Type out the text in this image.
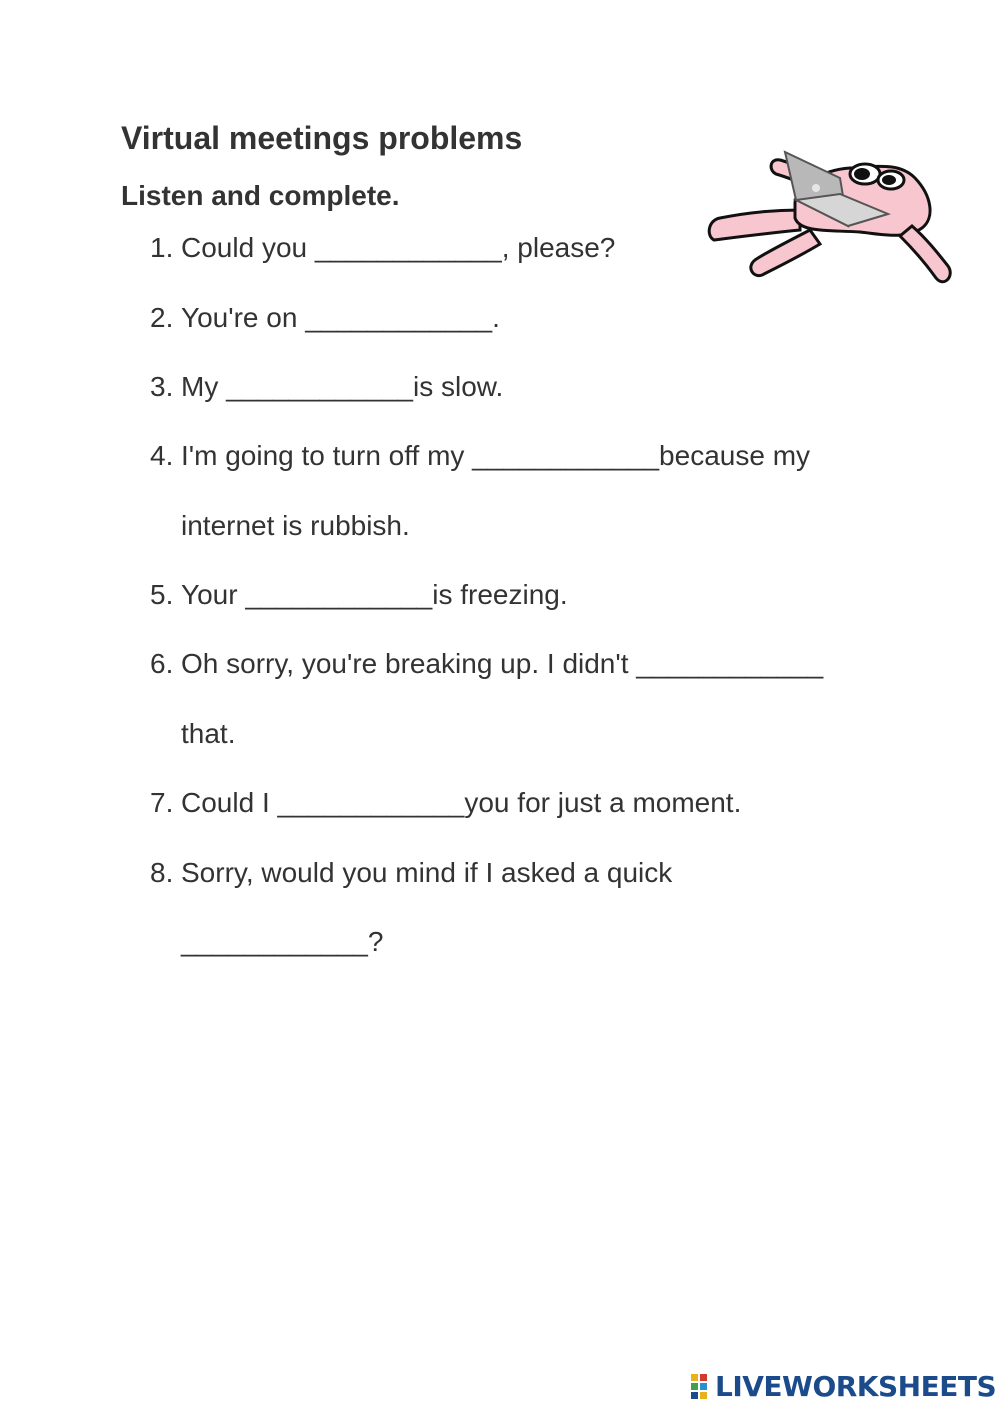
Virtual meetings problems
Listen and complete.
1. Could you ____________, please?
2. You're on ____________.
3. My ____________is slow.
4. I'm going to turn off my ____________because my
internet is rubbish.
5. Your ____________is freezing.
6. Oh sorry, you're breaking up. I didn't ____________
that.
7. Could I ____________you for just a moment.
8. Sorry, would you mind if I asked a quick
____________?
LIVEWORKSHEETS
